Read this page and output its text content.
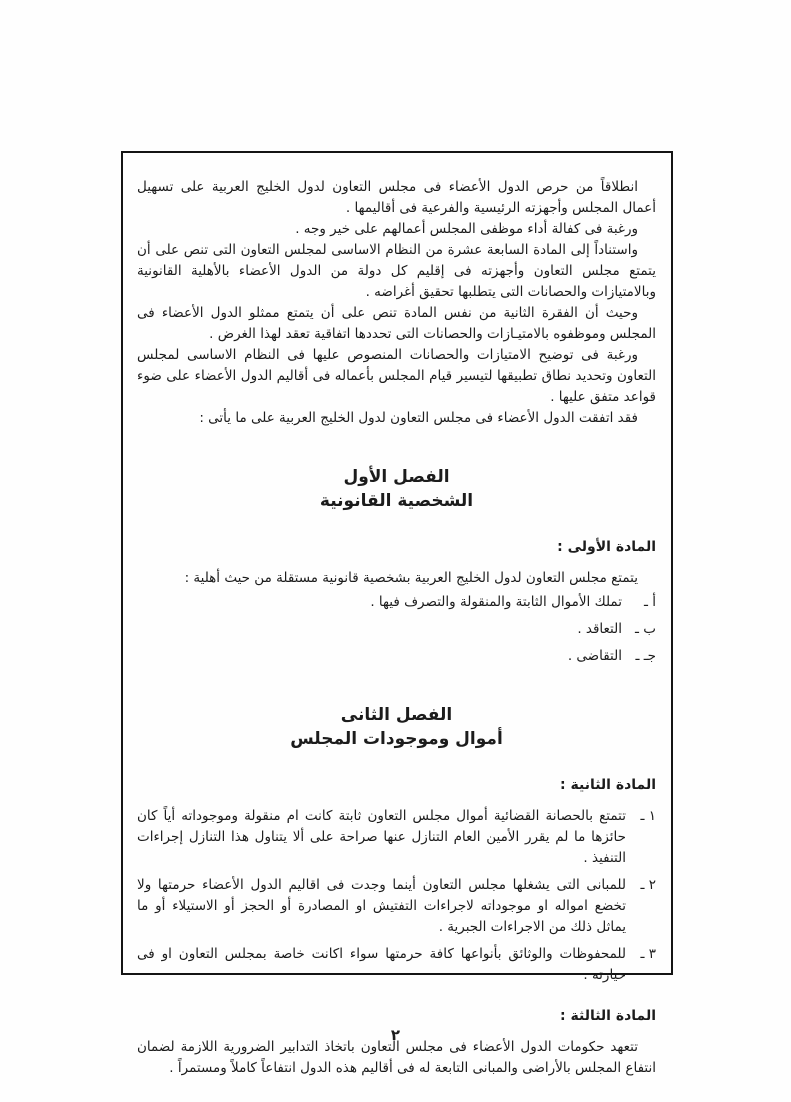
انطلاقاً من حرص الدول الأعضاء فى مجلس التعاون لدول الخليج العربية على تسهيل أعمال المجلس وأجهزته الرئيسية والفرعية فى أقاليمها .

ورغبة فى كفالة أداء موظفى المجلس أعمالهم على خير وجه .

واستناداً إلى المادة السابعة عشرة من النظام الاساسى لمجلس التعاون التى تنص على أن يتمتع مجلس التعاون وأجهزته فى إقليم كل دولة من الدول الأعضاء بالأهلية القانونية وبالامتيازات والحصانات التى يتطلبها تحقيق أغراضه .

وحيث أن الفقرة الثانية من نفس المادة تنص على أن يتمتع ممثلو الدول الأعضاء فى المجلس وموظفوه بالامتيـازات والحصانات التى تحددها اتفاقية تعقد لهذا الغرض .

ورغبة فى توضيح الامتيازات والحصانات المنصوص عليها فى النظام الاساسى لمجلس التعاون وتحديد نطاق تطبيقها لتيسير قيام المجلس بأعماله فى أقاليم الدول الأعضاء على ضوء قواعد متفق عليها .

فقد اتفقت الدول الأعضاء فى مجلس التعاون لدول الخليج العربية على ما يأتى :

الفصل الأول
الشخصية القانونية

المادة الأولى :

يتمتع مجلس التعاون لدول الخليج العربية بشخصية قانونية مستقلة من حيث أهلية :

أ ـ
تملك الأموال الثابتة والمنقولة والتصرف فيها .
ب ـ
التعاقد .
جـ ـ
التقاضى .
الفصل الثانى
أموال وموجودات المجلس

المادة الثانية :

١ ـ
تتمتع بالحصانة القضائية أموال مجلس التعاون ثابتة كانت ام منقولة وموجوداته أياً كان حائزها ما لم يقرر الأمين العام التنازل عنها صراحة على ألا يتناول هذا التنازل إجراءات التنفيذ .
٢ ـ
للمبانى التى يشغلها مجلس التعاون أينما وجدت فى اقاليم الدول الأعضاء حرمتها ولا تخضع امواله او موجوداته لاجراءات التفتيش او المصادرة أو الحجز أو الاستيلاء أو ما يماثل ذلك من الاجراءات الجبرية .
٣ ـ
للمحفوظات والوثائق بأنواعها كافة حرمتها سواء اكانت خاصة بمجلس التعاون او فى حيازته .

المادة الثالثة :

تتعهد حكومات الدول الأعضاء فى مجلس التعاون باتخاذ التدابير الضرورية اللازمة لضمان انتفاع المجلس بالأراضى والمبانى التابعة له فى أقاليم هذه الدول انتفاعاً كاملاً ومستمراً .

٢
